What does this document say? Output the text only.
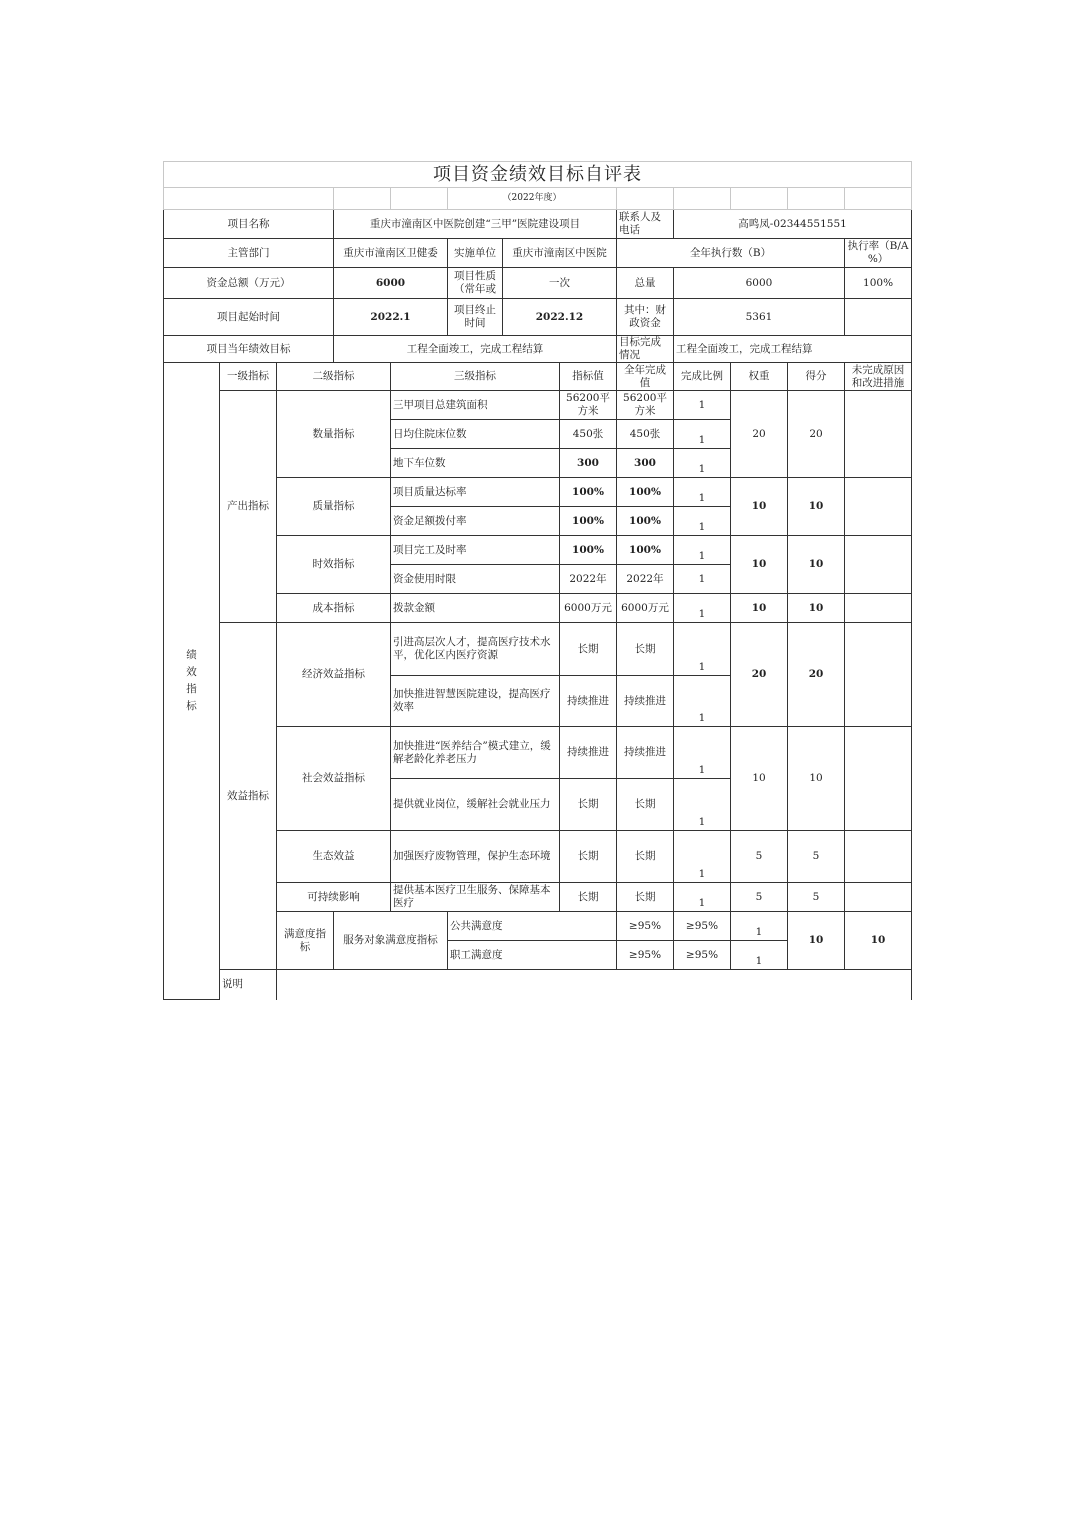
项目资金绩效目标自评表													
					（2022年度）								
项目名称			重庆市潼南区中医院创建“三甲”医院建设项目					联系人及电话	高鸣凤-02344551551				
主管部门			重庆市潼南区卫健委		实施单位	重庆市潼南区中医院		全年执行数（B）				执行率（B/A %）	
资金总额（万元）			6000		项目性质（常年或	一次		总量	6000			100%	
项目起始时间			2022.1		项目终止时间	2022.12		其中：财政资金	5361				
项目当年绩效目标			工程全面竣工，完成工程结算					目标完成情况	工程全面竣工，完成工程结算				
绩效指标	一级指标	二级指标		三级指标			指标值	全年完成值	完成比例	权重	得分	未完成原因和改进措施	
	产出指标	数量指标		三甲项目总建筑面积			56200平方米	56200平方米	1	20	20		
				日均住院床位数			450张	450张	1				
				地下车位数			300	300	1				
		质量指标		项目质量达标率			100%	100%	1	10	10		
				资金足额拨付率			100%	100%	1				
		时效指标		项目完工及时率			100%	100%	1	10	10		
				资金使用时限			2022年	2022年	1				
		成本指标		拨款金额			6000万元	6000万元	1	10	10		
	效益指标	经济效益指标		引进高层次人才，提高医疗技术水平，优化区内医疗资源			长期	长期	1	20	20		
				加快推进智慧医院建设，提高医疗效率			持续推进	持续推进	1				
		社会效益指标		加快推进“医养结合”模式建立，缓解老龄化养老压力			持续推进	持续推进	1	10	10		
				提供就业岗位，缓解社会就业压力			长期	长期	1				
		生态效益		加强医疗废物管理，保护生态环境			长期	长期	1	5	5		
		可持续影响		提供基本医疗卫生服务、保障基本医疗			长期	长期	1	5	5		
		满意度指标	服务对象满意度指标		公共满意度			≥95%	≥95%	1	10	10	
					职工满意度			≥95%	≥95%	1			
	说明												
